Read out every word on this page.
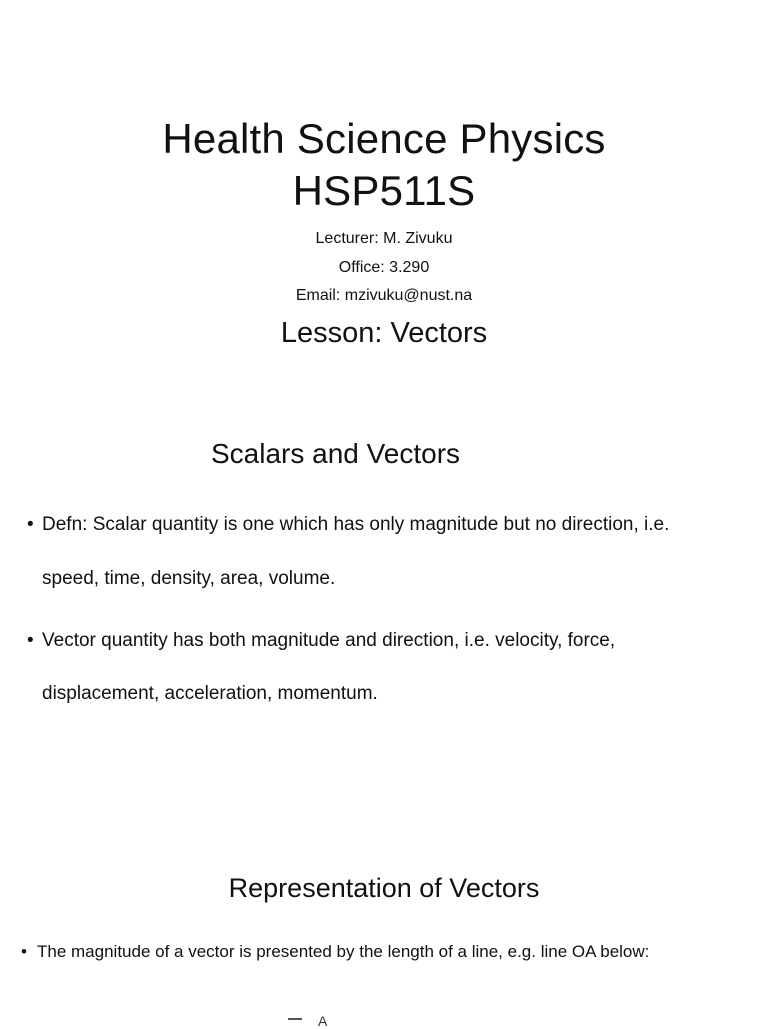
Health Science Physics
HSP511S
Lecturer: M. Zivuku
Office: 3.290
Email: mzivuku@nust.na
Lesson: Vectors
Scalars and Vectors
• Defn: Scalar quantity is one which has only magnitude but no direction, i.e.
speed, time, density, area, volume.
• Vector quantity has both magnitude and direction, i.e. velocity, force,
displacement, acceleration, momentum.
Representation of Vectors
• The magnitude of a vector is presented by the length of a line, e.g. line OA below:
A
